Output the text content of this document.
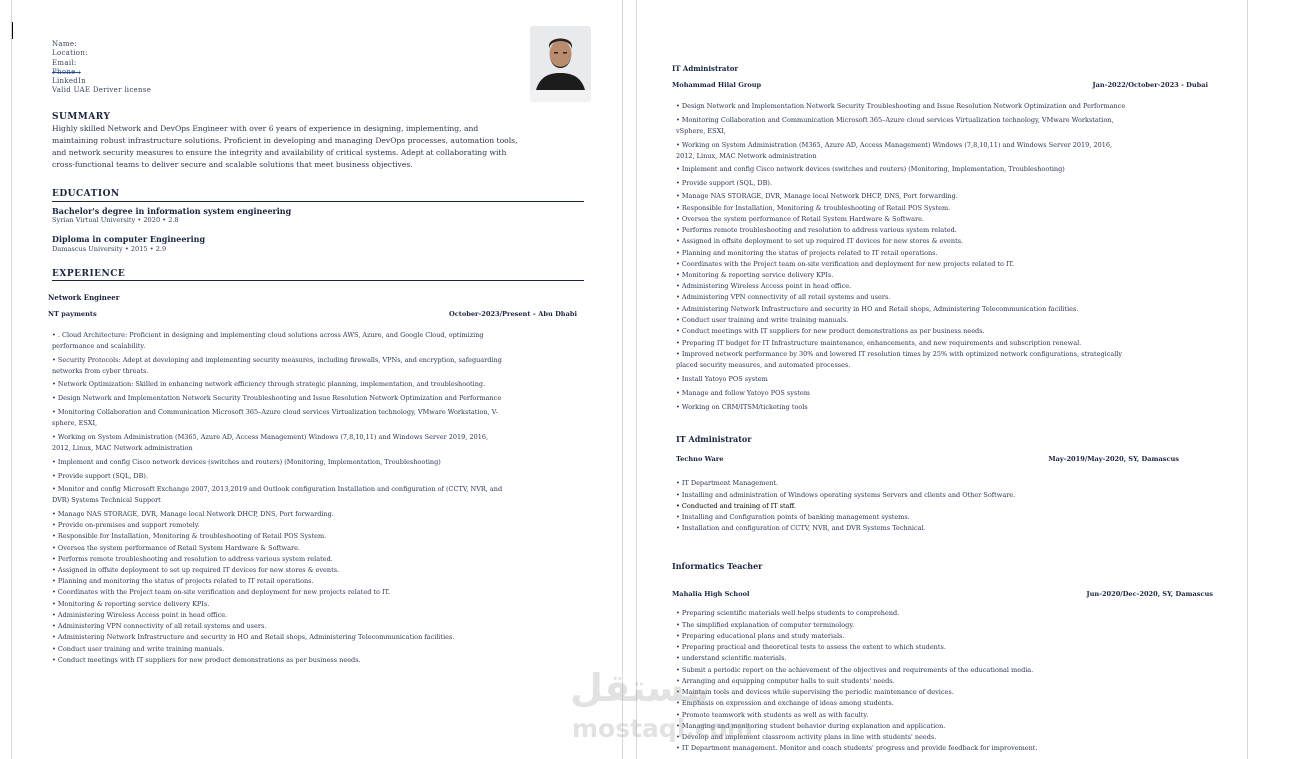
Name:
Location:
Email:
Phone :
LinkedIn
Valid UAE Deriver license
SUMMARY
Highly skilled Network and DevOps Engineer with over 6 years of experience in designing, implementing, and
maintaining robust infrastructure solutions. Proficient in developing and managing DevOps processes, automation tools,
and network security measures to ensure the integrity and availability of critical systems. Adept at collaborating with
cross-functional teams to deliver secure and scalable solutions that meet business objectives.
EDUCATION
Bachelor's degree in information system engineering
Syrian Virtual University • 2020 • 2.8
Diploma in computer Engineering
Damascus University • 2015 • 2.9
EXPERIENCE
Network Engineer
NT payments	October-2023/Present – Abu Dhabi
• . Cloud Architecture: Proficient in designing and implementing cloud solutions across AWS, Azure, and Google Cloud, optimizing
performance and scalability.
• Security Protocols: Adept at developing and implementing security measures, including firewalls, VPNs, and encryption, safeguarding
networks from cyber threats.
• Network Optimization: Skilled in enhancing network efficiency through strategic planning, implementation, and troubleshooting.
• Design Network and Implementation Network Security Troubleshooting and Issue Resolution Network Optimization and Performance
• Monitoring Collaboration and Communication Microsoft 365–Azure cloud services Virtualization technology, VMware Workstation, V-
sphere, ESXI,
• Working on System Administration (M365, Azure AD, Access Management) Windows (7,8,10,11) and Windows Server 2019, 2016,
2012, Linux, MAC Network administration
• Implement and config Cisco network devices (switches and routers) (Monitoring, Implementation, Troubleshooting)
• Provide support (SQL, DB).
• Monitor and config Microsoft Exchange 2007, 2013,2019 and Outlook configuration Installation and configuration of (CCTV, NVR, and
DVR) Systems Technical Support
• Manage NAS STORAGE, DVR, Manage local Network DHCP, DNS, Port forwarding.
• Provide on-premises and support remotely.
• Responsible for Installation, Monitoring & troubleshooting of Retail POS System.
• Oversea the system performance of Retail System Hardware & Software.
• Performs remote troubleshooting and resolution to address various system related.
• Assigned in offsite deployment to set up required IT devices for new stores & events.
• Planning and monitoring the status of projects related to IT retail operations.
• Coordinates with the Project team on-site verification and deployment for new projects related to IT.
• Monitoring & reporting service delivery KPIs.
• Administering Wireless Access point in head office.
• Administering VPN connectivity of all retail systems and users.
• Administering Network Infrastructure and security in HO and Retail shops, Administering Telecommunication facilities.
• Conduct user training and write training manuals.
• Conduct meetings with IT suppliers for new product demonstrations as per business needs.
IT Administrator
Mohammad Hilal Group	Jan-2022/October-2023 - Dubai
• Design Network and Implementation Network Security Troubleshooting and Issue Resolution Network Optimization and Performance
• Monitoring Collaboration and Communication Microsoft 365–Azure cloud services Virtualization technology, VMware Workstation,
vSphere, ESXI,
• Working on System Administration (M365, Azure AD, Access Management) Windows (7,8,10,11) and Windows Server 2019, 2016,
2012, Linux, MAC Network administration
• Implement and config Cisco network devices (switches and routers) (Monitoring, Implementation, Troubleshooting)
• Provide support (SQL, DB).
• Manage NAS STORAGE, DVR, Manage local Network DHCP, DNS, Port forwarding.
• Responsible for Installation, Monitoring & troubleshooting of Retail POS System.
• Oversea the system performance of Retail System Hardware & Software.
• Performs remote troubleshooting and resolution to address various system related.
• Assigned in offsite deployment to set up required IT devices for new stores & events.
• Planning and monitoring the status of projects related to IT retail operations.
• Coordinates with the Project team on-site verification and deployment for new projects related to IT.
• Monitoring & reporting service delivery KPIs.
• Administering Wireless Access point in head office.
• Administering VPN connectivity of all retail systems and users.
• Administering Network Infrastructure and security in HO and Retail shops, Administering Telecommunication facilities.
• Conduct user training and write training manuals.
• Conduct meetings with IT suppliers for new product demonstrations as per business needs.
• Preparing IT budget for IT Infrastructure maintenance, enhancements, and new requirements and subscription renewal.
• Improved network performance by 30% and lowered IT resolution times by 25% with optimized network configurations, strategically
placed security measures, and automated processes.
• Install Yatoyo POS system
• Manage and follow Yatoyo POS system
• Working on CRM/ITSM/ticketing tools
IT Administrator
Techno Ware	May-2019/May-2020, SY, Damascus
• IT Department Management.
• Installing and administration of Windows operating systems Servers and clients and Other Software.
• Conducted and training of IT staff.
• Installing and Configuration points of banking management systems.
• Installation and configuration of CCTV, NVR, and DVR Systems Technical.
Informatics Teacher
Mahalia High School	Jun-2020/Dec-2020, SY, Damascus
• Preparing scientific materials well helps students to comprehend.
• The simplified explanation of computer terminology.
• Preparing educational plans and study materials.
• Preparing practical and theoretical tests to assess the extent to which students.
• understand scientific materials.
• Submit a periodic report on the achievement of the objectives and requirements of the educational media.
• Arranging and equipping computer halls to suit students' needs.
• Maintain tools and devices while supervising the periodic maintenance of devices.
• Emphasis on expression and exchange of ideas among students.
• Promote teamwork with students as well as with faculty.
• Managing and monitoring student behavior during explanation and application.
• Develop and implement classroom activity plans in line with students' needs.
• IT Department management. Monitor and coach students' progress and provide feedback for improvement.
مستقل
mostaql.com
